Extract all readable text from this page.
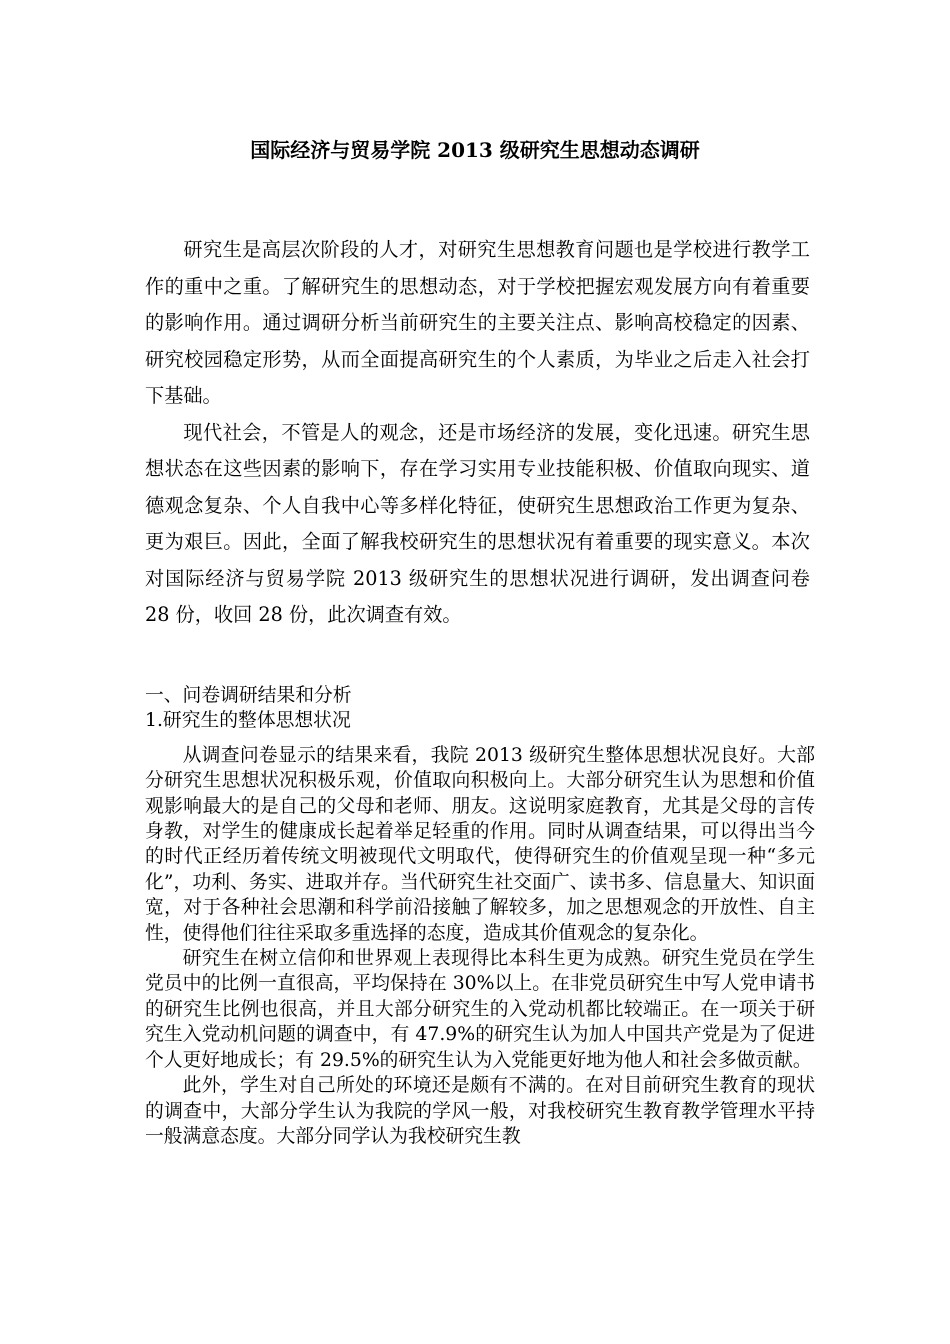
国际经济与贸易学院 2013 级研究生思想动态调研

研究生是高层次阶段的人才，对研究生思想教育问题也是学校进行教学工作的重中之重。了解研究生的思想动态，对于学校把握宏观发展方向有着重要的影响作用。通过调研分析当前研究生的主要关注点、影响高校稳定的因素、研究校园稳定形势，从而全面提高研究生的个人素质，为毕业之后走入社会打下基础。

现代社会，不管是人的观念，还是市场经济的发展，变化迅速。研究生思想状态在这些因素的影响下，存在学习实用专业技能积极、价值取向现实、道德观念复杂、个人自我中心等多样化特征，使研究生思想政治工作更为复杂、更为艰巨。因此，全面了解我校研究生的思想状况有着重要的现实意义。本次对国际经济与贸易学院 2013 级研究生的思想状况进行调研，发出调查问卷 28 份，收回 28 份，此次调查有效。

一、问卷调研结果和分析

1.研究生的整体思想状况

从调查问卷显示的结果来看，我院 2013 级研究生整体思想状况良好。大部分研究生思想状况积极乐观，价值取向积极向上。大部分研究生认为思想和价值观影响最大的是自己的父母和老师、朋友。这说明家庭教育，尤其是父母的言传身教，对学生的健康成长起着举足轻重的作用。同时从调查结果，可以得出当今的时代正经历着传统文明被现代文明取代，使得研究生的价值观呈现一种“多元化”，功利、务实、进取并存。当代研究生社交面广、读书多、信息量大、知识面宽，对于各种社会思潮和科学前沿接触了解较多，加之思想观念的开放性、自主性，使得他们往往采取多重选择的态度，造成其价值观念的复杂化。

研究生在树立信仰和世界观上表现得比本科生更为成熟。研究生党员在学生党员中的比例一直很高，平均保持在 30%以上。在非党员研究生中写人党申请书的研究生比例也很高，并且大部分研究生的入党动机都比较端正。在一项关于研究生入党动机问题的调查中，有 47.9%的研究生认为加人中国共产党是为了促进个人更好地成长；有 29.5%的研究生认为入党能更好地为他人和社会多做贡献。

此外，学生对自己所处的环境还是颇有不满的。在对目前研究生教育的现状的调查中，大部分学生认为我院的学风一般，对我校研究生教育教学管理水平持一般满意态度。大部分同学认为我校研究生教
